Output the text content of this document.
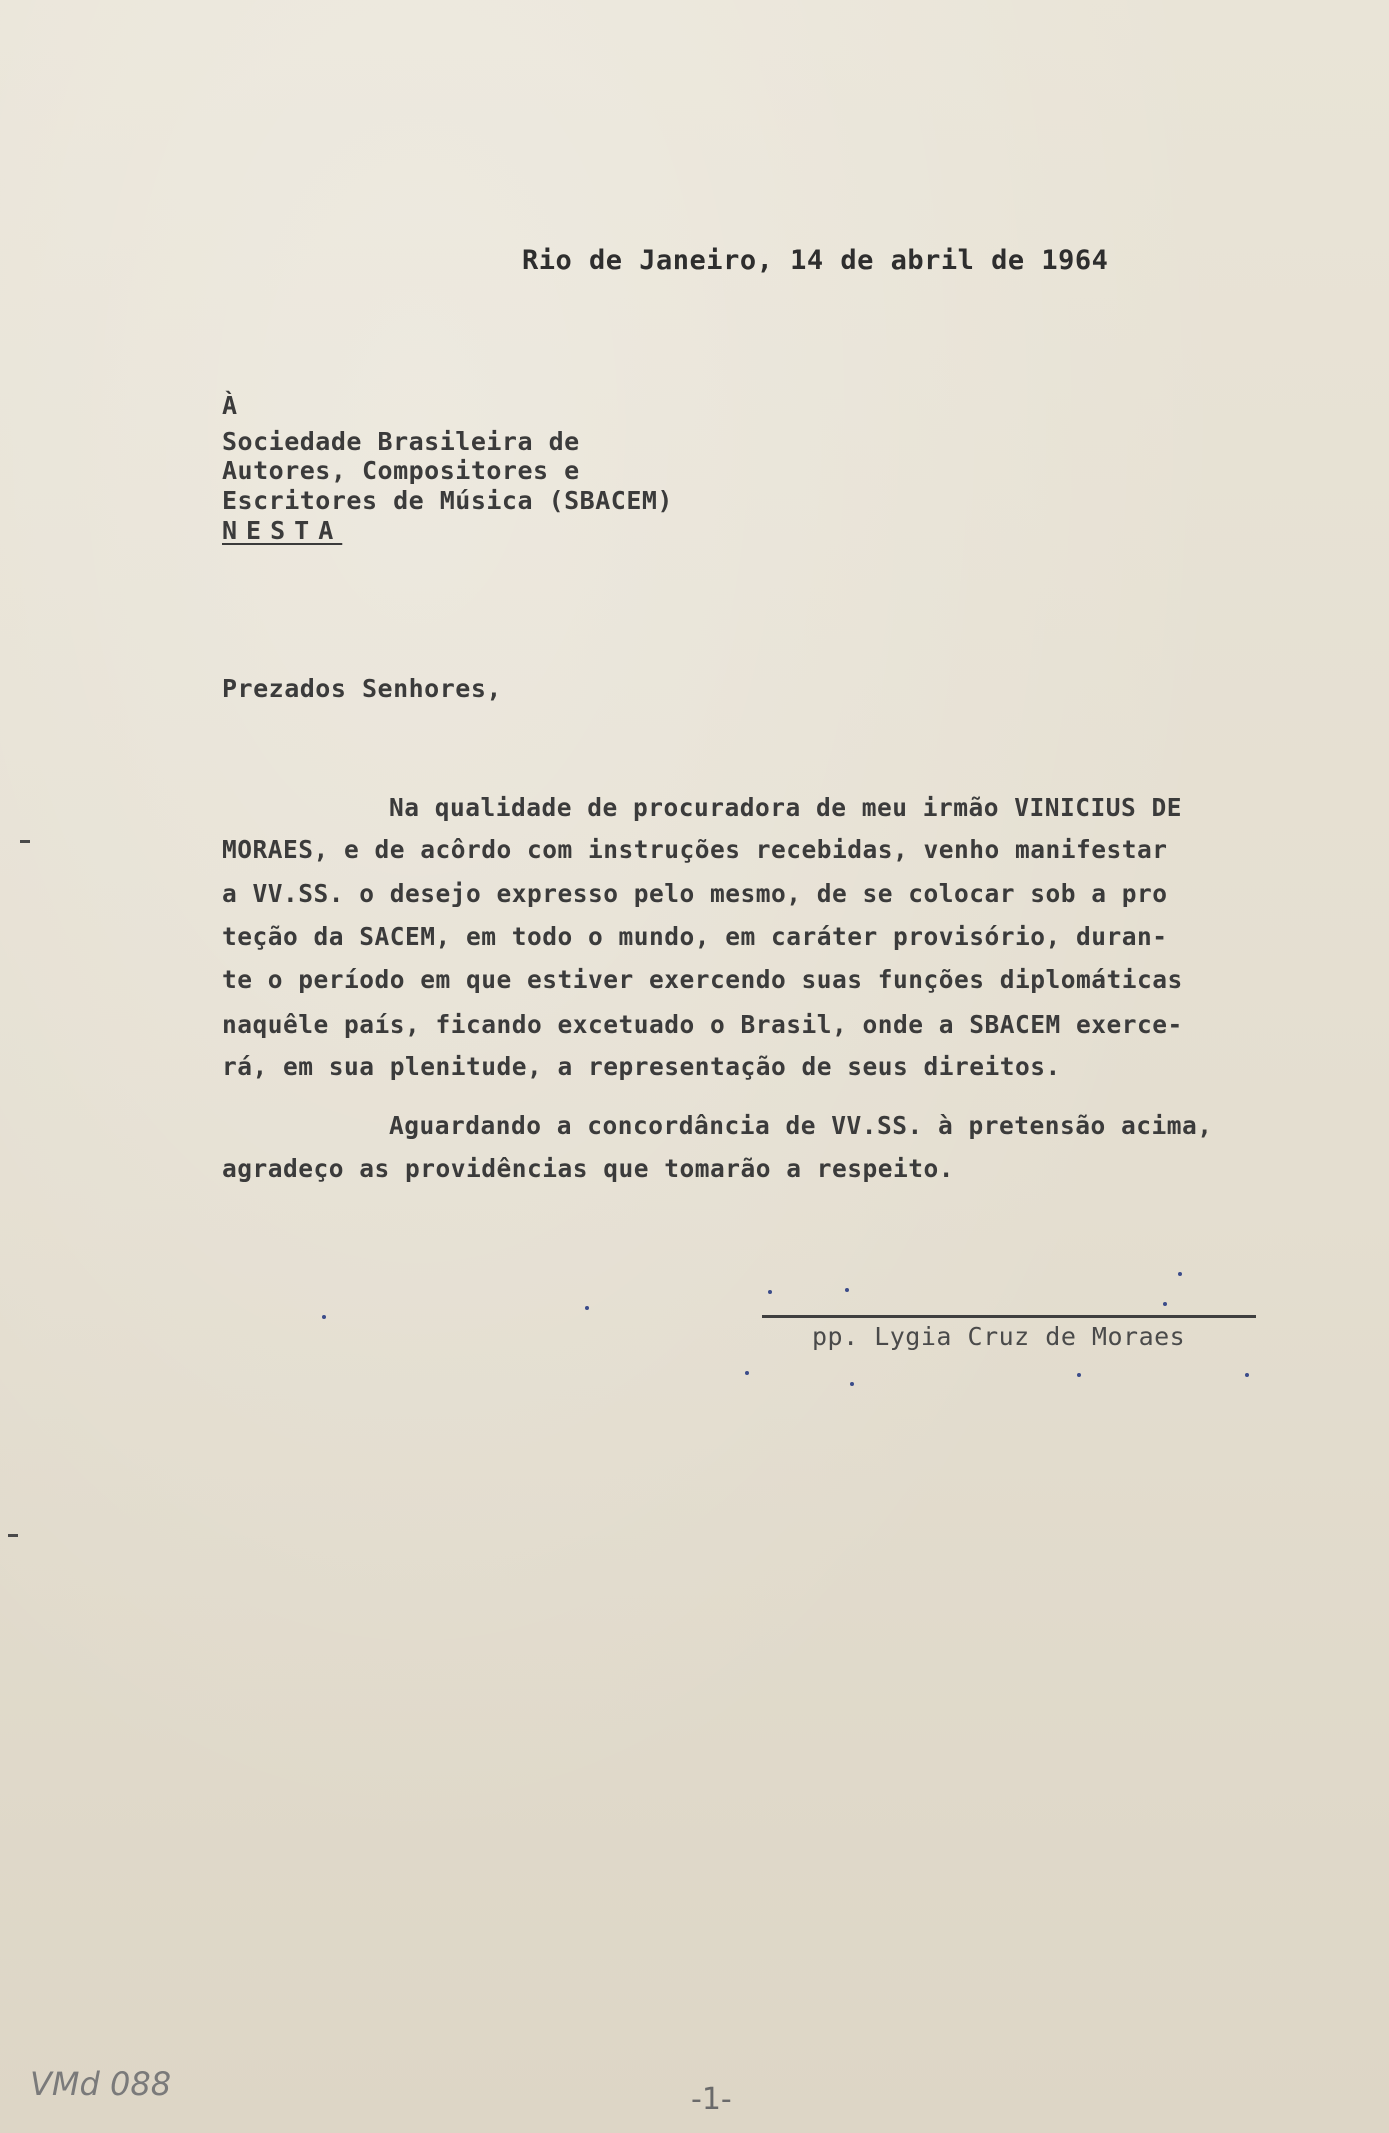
Rio de Janeiro, 14 de abril de 1964

À

Sociedade Brasileira de

Autores, Compositores e

Escritores de Música (SBACEM)

NESTA

Prezados Senhores,

Na qualidade de procuradora de meu irmão VINICIUS DE

MORAES, e de acôrdo com instruções recebidas, venho manifestar

a VV.SS. o desejo expresso pelo mesmo, de se colocar sob a pro

teção da SACEM, em todo o mundo, em caráter provisório, duran-

te o período em que estiver exercendo suas funções diplomáticas

naquêle país, ficando excetuado o Brasil, onde a SBACEM exerce-

rá, em sua plenitude, a representação de seus direitos.

Aguardando a concordância de VV.SS. à pretensão acima,

agradeço as providências que tomarão a respeito.

pp. Lygia Cruz de Moraes

VMd 088	-1-
